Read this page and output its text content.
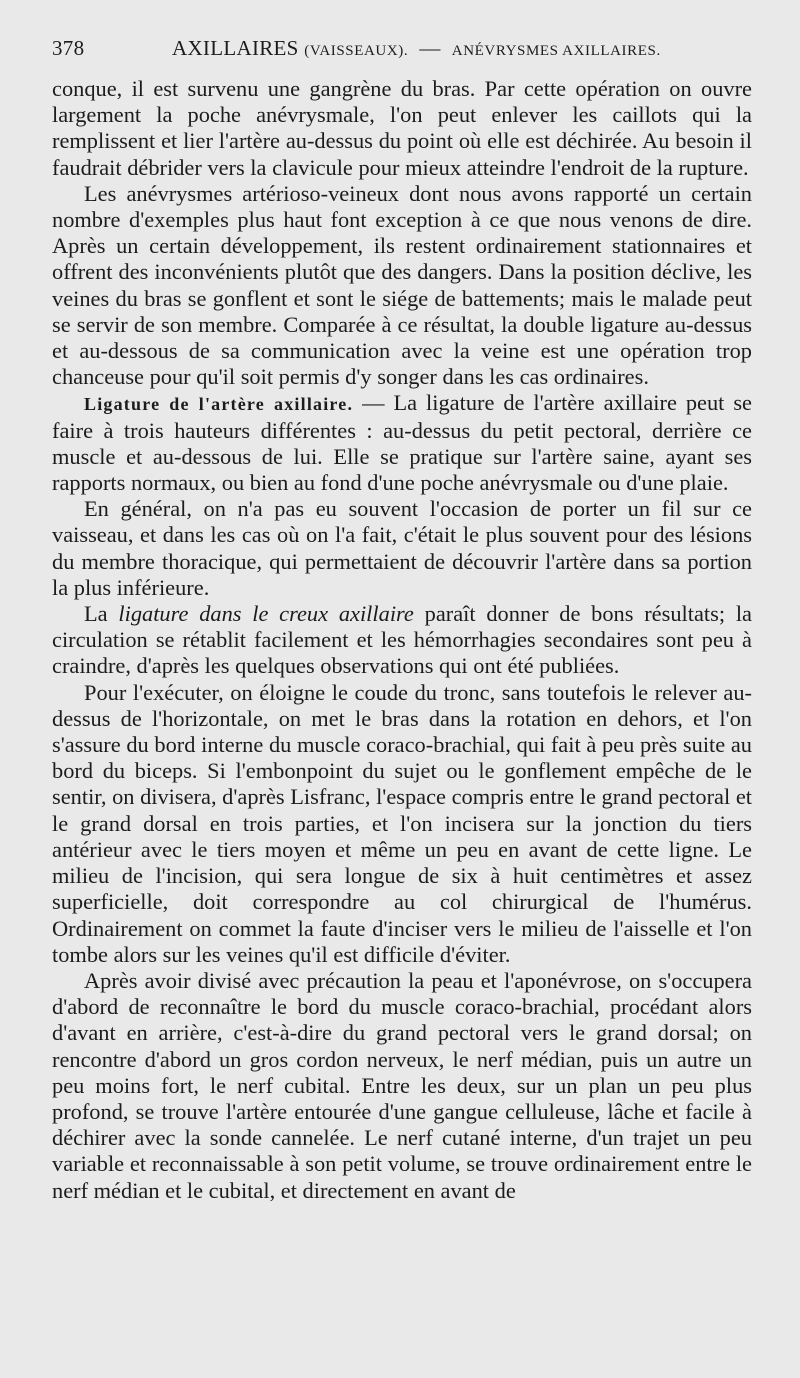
378	AXILLAIRES (VAISSEAUX). — ANÉVRYSMES AXILLAIRES.

conque, il est survenu une gangrène du bras. Par cette opération on ouvre largement la poche anévrysmale, l'on peut enlever les caillots qui la remplissent et lier l'artère au-dessus du point où elle est déchirée. Au besoin il faudrait débrider vers la clavicule pour mieux atteindre l'endroit de la rupture.

Les anévrysmes artérioso-veineux dont nous avons rapporté un certain nombre d'exemples plus haut font exception à ce que nous venons de dire. Après un certain développement, ils restent ordinairement stationnaires et offrent des inconvénients plutôt que des dangers. Dans la position déclive, les veines du bras se gonflent et sont le siége de battements; mais le malade peut se servir de son membre. Comparée à ce résultat, la double ligature au-dessus et au-dessous de sa communication avec la veine est une opération trop chanceuse pour qu'il soit permis d'y songer dans les cas ordinaires.

Ligature de l'artère axillaire. — La ligature de l'artère axillaire peut se faire à trois hauteurs différentes : au-dessus du petit pectoral, derrière ce muscle et au-dessous de lui. Elle se pratique sur l'artère saine, ayant ses rapports normaux, ou bien au fond d'une poche anévrysmale ou d'une plaie.

En général, on n'a pas eu souvent l'occasion de porter un fil sur ce vaisseau, et dans les cas où on l'a fait, c'était le plus souvent pour des lésions du membre thoracique, qui permettaient de découvrir l'artère dans sa portion la plus inférieure.

La ligature dans le creux axillaire paraît donner de bons résultats; la circulation se rétablit facilement et les hémorrhagies secondaires sont peu à craindre, d'après les quelques observations qui ont été publiées.

Pour l'exécuter, on éloigne le coude du tronc, sans toutefois le relever au-dessus de l'horizontale, on met le bras dans la rotation en dehors, et l'on s'assure du bord interne du muscle coraco-brachial, qui fait à peu près suite au bord du biceps. Si l'embonpoint du sujet ou le gonflement empêche de le sentir, on divisera, d'après Lisfranc, l'espace compris entre le grand pectoral et le grand dorsal en trois parties, et l'on incisera sur la jonction du tiers antérieur avec le tiers moyen et même un peu en avant de cette ligne. Le milieu de l'incision, qui sera longue de six à huit centimètres et assez superficielle, doit correspondre au col chirurgical de l'humérus. Ordinairement on commet la faute d'inciser vers le milieu de l'aisselle et l'on tombe alors sur les veines qu'il est difficile d'éviter.

Après avoir divisé avec précaution la peau et l'aponévrose, on s'occupera d'abord de reconnaître le bord du muscle coraco-brachial, procédant alors d'avant en arrière, c'est-à-dire du grand pectoral vers le grand dorsal; on rencontre d'abord un gros cordon nerveux, le nerf médian, puis un autre un peu moins fort, le nerf cubital. Entre les deux, sur un plan un peu plus profond, se trouve l'artère entourée d'une gangue celluleuse, lâche et facile à déchirer avec la sonde cannelée. Le nerf cutané interne, d'un trajet un peu variable et reconnaissable à son petit volume, se trouve ordinairement entre le nerf médian et le cubital, et directement en avant de
